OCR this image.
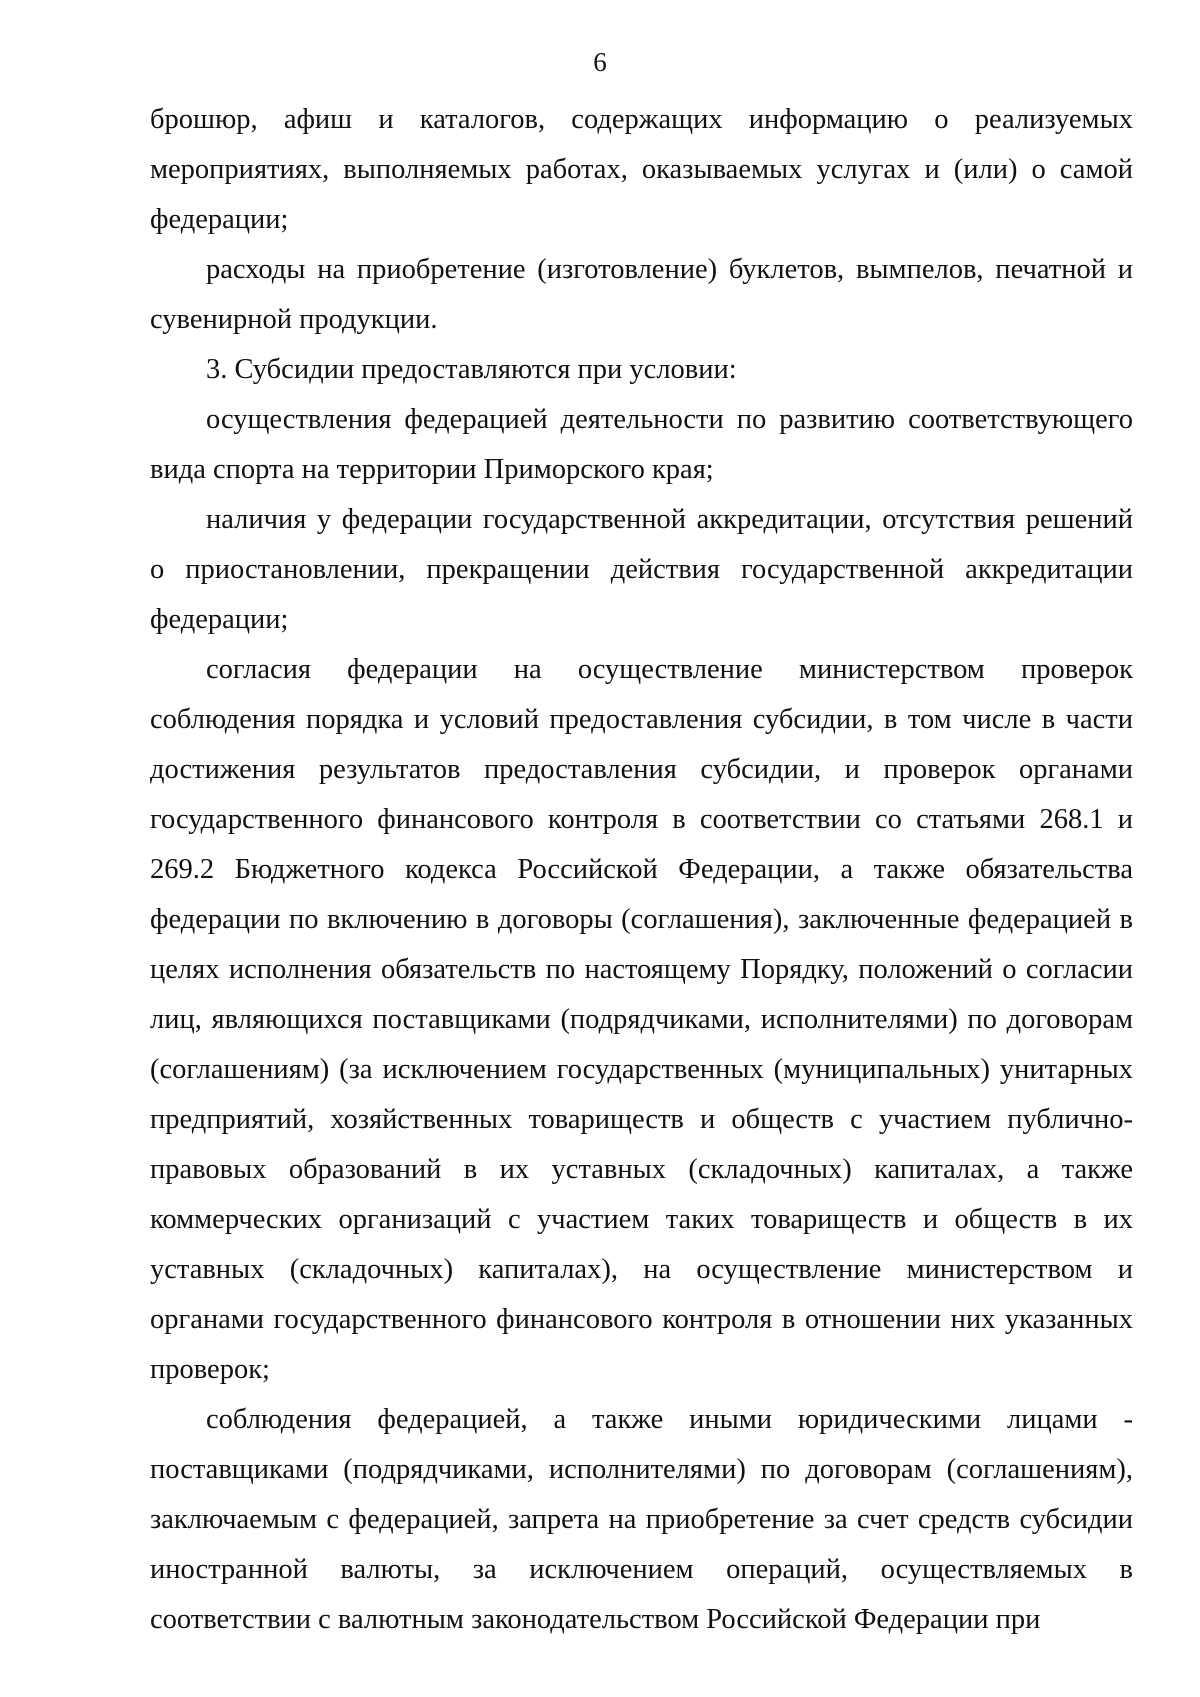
6

брошюр, афиш и каталогов, содержащих информацию о реализуемых мероприятиях, выполняемых работах, оказываемых услугах и (или) о самой федерации;

расходы на приобретение (изготовление) буклетов, вымпелов, печатной и сувенирной продукции.

3. Субсидии предоставляются при условии:

осуществления федерацией деятельности по развитию соответствующего вида спорта на территории Приморского края;

наличия у федерации государственной аккредитации, отсутствия решений о приостановлении, прекращении действия государственной аккредитации федерации;

согласия федерации на осуществление министерством проверок соблюдения порядка и условий предоставления субсидии, в том числе в части достижения результатов предоставления субсидии, и проверок органами государственного финансового контроля в соответствии со статьями 268.1 и 269.2 Бюджетного кодекса Российской Федерации, а также обязательства федерации по включению в договоры (соглашения), заключенные федерацией в целях исполнения обязательств по настоящему Порядку, положений о согласии лиц, являющихся поставщиками (подрядчиками, исполнителями) по договорам (соглашениям) (за исключением государственных (муниципальных) унитарных предприятий, хозяйственных товариществ и обществ с участием публично-правовых образований в их уставных (складочных) капиталах, а также коммерческих организаций с участием таких товариществ и обществ в их уставных (складочных) капиталах), на осуществление министерством и органами государственного финансового контроля в отношении них указанных проверок;

соблюдения федерацией, а также иными юридическими лицами - поставщиками (подрядчиками, исполнителями) по договорам (соглашениям), заключаемым с федерацией, запрета на приобретение за счет средств субсидии иностранной валюты, за исключением операций, осуществляемых в соответствии с валютным законодательством Российской Федерации при
